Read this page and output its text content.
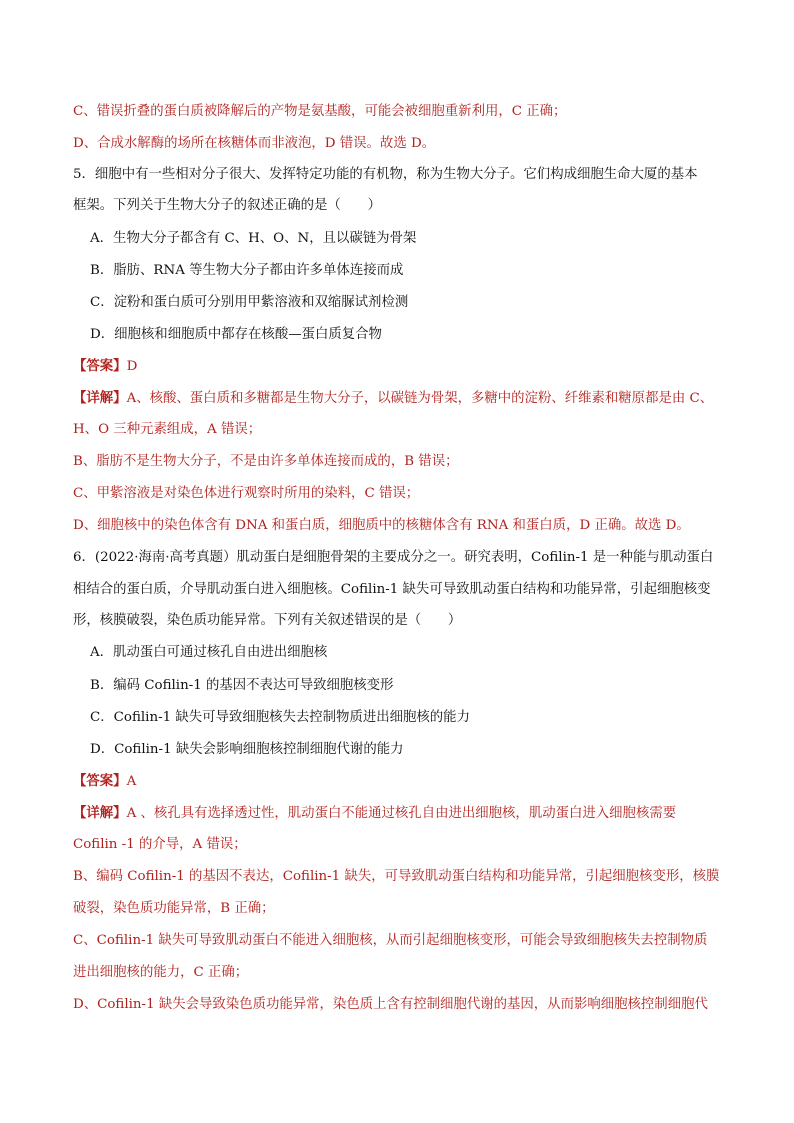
C、错误折叠的蛋白质被降解后的产物是氨基酸，可能会被细胞重新利用，C 正确；
D、合成水解酶的场所在核糖体而非液泡，D 错误。故选 D。
5．细胞中有一些相对分子很大、发挥特定功能的有机物，称为生物大分子。它们构成细胞生命大厦的基本
框架。下列关于生物大分子的叙述正确的是（　　）
A．生物大分子都含有 C、H、O、N，且以碳链为骨架
B．脂肪、RNA 等生物大分子都由许多单体连接而成
C．淀粉和蛋白质可分别用甲紫溶液和双缩脲试剂检测
D．细胞核和细胞质中都存在核酸—蛋白质复合物
【答案】D
【详解】A、核酸、蛋白质和多糖都是生物大分子，以碳链为骨架，多糖中的淀粉、纤维素和糖原都是由 C、
H、O 三种元素组成，A 错误；
B、脂肪不是生物大分子，不是由许多单体连接而成的，B 错误；
C、甲紫溶液是对染色体进行观察时所用的染料，C 错误；
D、细胞核中的染色体含有 DNA 和蛋白质，细胞质中的核糖体含有 RNA 和蛋白质，D 正确。故选 D。
6．(2022·海南·高考真题）肌动蛋白是细胞骨架的主要成分之一。研究表明，Cofilin-1 是一种能与肌动蛋白
相结合的蛋白质，介导肌动蛋白进入细胞核。Cofilin-1 缺失可导致肌动蛋白结构和功能异常，引起细胞核变
形，核膜破裂，染色质功能异常。下列有关叙述错误的是（　　）
A．肌动蛋白可通过核孔自由进出细胞核
B．编码 Cofilin-1 的基因不表达可导致细胞核变形
C．Cofilin-1 缺失可导致细胞核失去控制物质进出细胞核的能力
D．Cofilin-1 缺失会影响细胞核控制细胞代谢的能力
【答案】A
【详解】A 、核孔具有选择透过性，肌动蛋白不能通过核孔自由进出细胞核，肌动蛋白进入细胞核需要
Cofilin -1 的介导，A 错误；
B、编码 Cofilin-1 的基因不表达，Cofilin-1 缺失，可导致肌动蛋白结构和功能异常，引起细胞核变形，核膜
破裂，染色质功能异常，B 正确；
C、Cofilin-1 缺失可导致肌动蛋白不能进入细胞核，从而引起细胞核变形，可能会导致细胞核失去控制物质
进出细胞核的能力，C 正确；
D、Cofilin-1 缺失会导致染色质功能异常，染色质上含有控制细胞代谢的基因，从而影响细胞核控制细胞代
